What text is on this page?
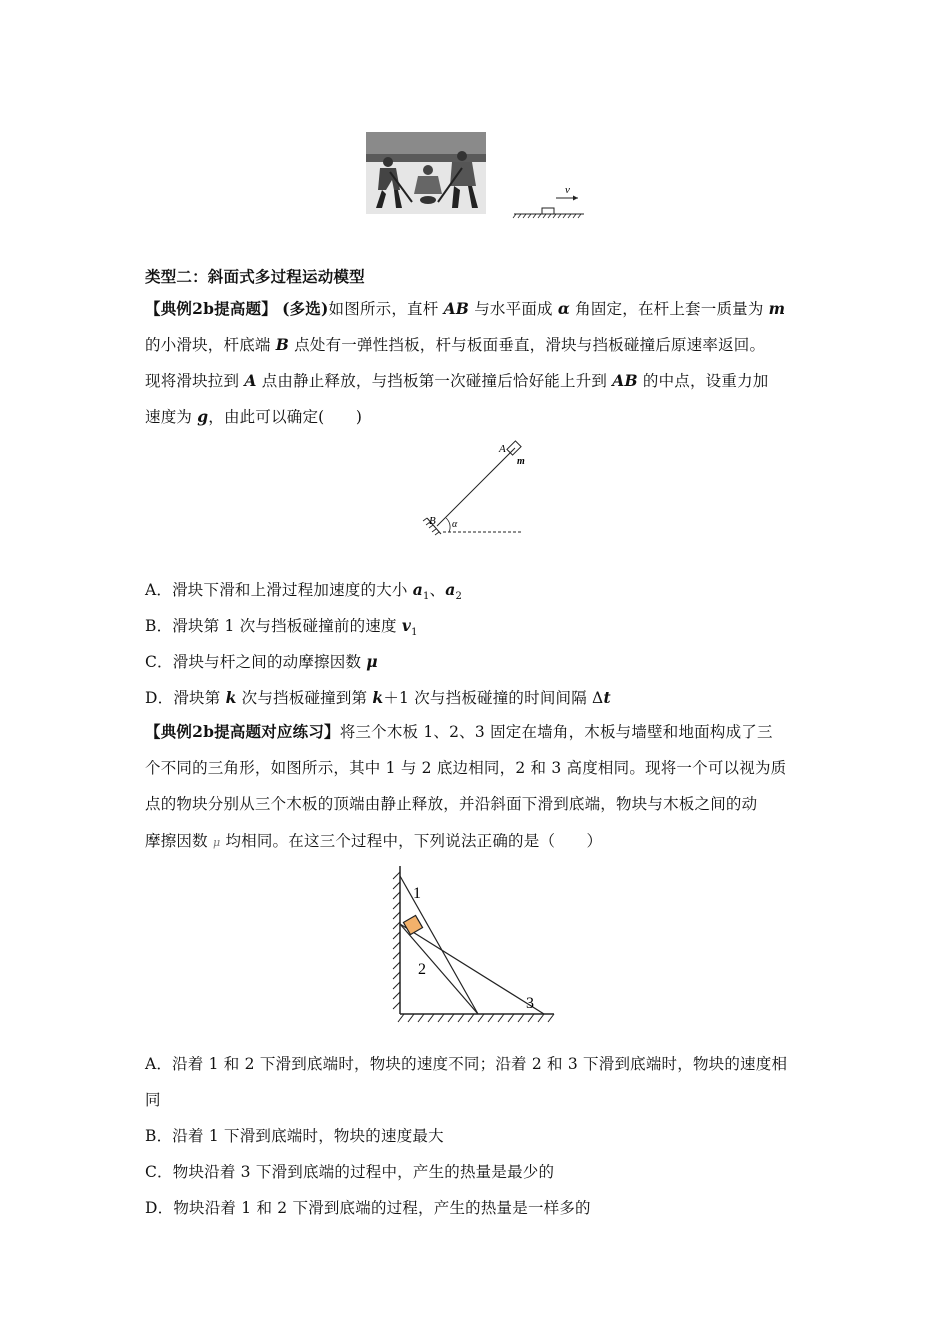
v
类型二：斜面式多过程运动模型
【典例2b提高题】 (多选)如图所示，直杆 AB 与水平面成 α 角固定，在杆上套一质量为 m
的小滑块，杆底端 B 点处有一弹性挡板，杆与板面垂直，滑块与挡板碰撞后原速率返回。
现将滑块拉到 A 点由静止释放，与挡板第一次碰撞后恰好能上升到 AB 的中点，设重力加
速度为 g，由此可以确定(　　)
A
m
B α
A．滑块下滑和上滑过程加速度的大小 $a_1$、$a_2$
B．滑块第 1 次与挡板碰撞前的速度 $v_1$
C．滑块与杆之间的动摩擦因数 μ
D．滑块第 k 次与挡板碰撞到第 k＋1 次与挡板碰撞的时间间隔 Δt
【典例2b提高题对应练习】将三个木板 1、2、3 固定在墙角，木板与墙壁和地面构成了三
个不同的三角形，如图所示，其中 1 与 2 底边相同，2 和 3 高度相同。现将一个可以视为质
点的物块分别从三个木板的顶端由静止释放，并沿斜面下滑到底端，物块与木板之间的动
摩擦因数 μ 均相同。在这三个过程中，下列说法正确的是（　　）
1
2
3
A．沿着 1 和 2 下滑到底端时，物块的速度不同；沿着 2 和 3 下滑到底端时，物块的速度相
同
B．沿着 1 下滑到底端时，物块的速度最大
C．物块沿着 3 下滑到底端的过程中，产生的热量是最少的
D．物块沿着 1 和 2 下滑到底端的过程，产生的热量是一样多的
